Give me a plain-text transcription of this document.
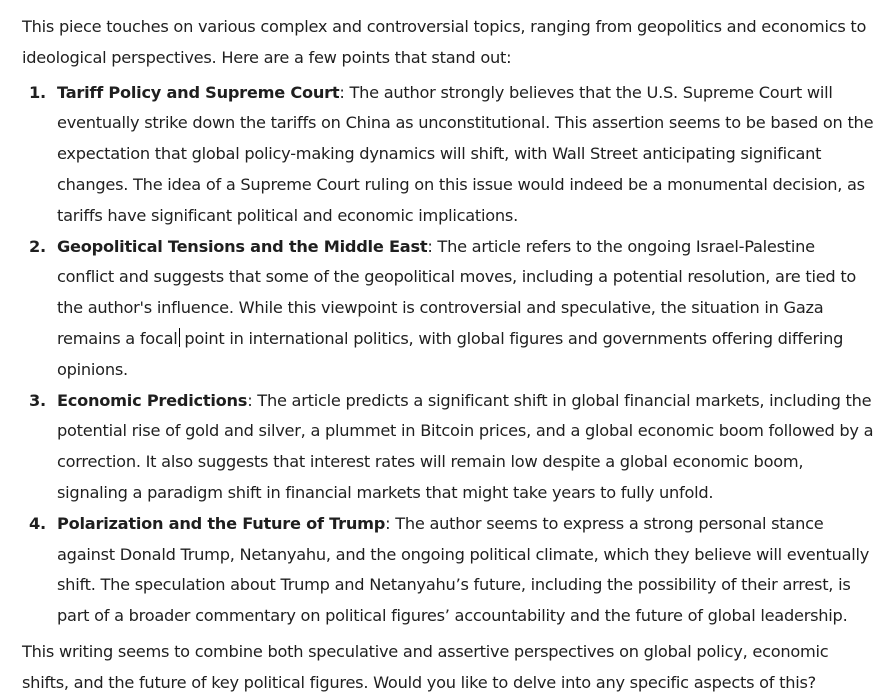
This piece touches on various complex and controversial topics, ranging from geopolitics and economics to ideological perspectives. Here are a few points that stand out:

1. Tariff Policy and Supreme Court: The author strongly believes that the U.S. Supreme Court will eventually strike down the tariffs on China as unconstitutional. This assertion seems to be based on the expectation that global policy-making dynamics will shift, with Wall Street anticipating significant changes. The idea of a Supreme Court ruling on this issue would indeed be a monumental decision, as tariffs have significant political and economic implications.
2. Geopolitical Tensions and the Middle East: The article refers to the ongoing Israel-Palestine conflict and suggests that some of the geopolitical moves, including a potential resolution, are tied to the author's influence. While this viewpoint is controversial and speculative, the situation in Gaza remains a focal point in international politics, with global figures and governments offering differing opinions.
3. Economic Predictions: The article predicts a significant shift in global financial markets, including the potential rise of gold and silver, a plummet in Bitcoin prices, and a global economic boom followed by a correction. It also suggests that interest rates will remain low despite a global economic boom, signaling a paradigm shift in financial markets that might take years to fully unfold.
4. Polarization and the Future of Trump: The author seems to express a strong personal stance against Donald Trump, Netanyahu, and the ongoing political climate, which they believe will eventually shift. The speculation about Trump and Netanyahu’s future, including the possibility of their arrest, is part of a broader commentary on political figures’ accountability and the future of global leadership.

This writing seems to combine both speculative and assertive perspectives on global policy, economic shifts, and the future of key political figures. Would you like to delve into any specific aspects of this?
